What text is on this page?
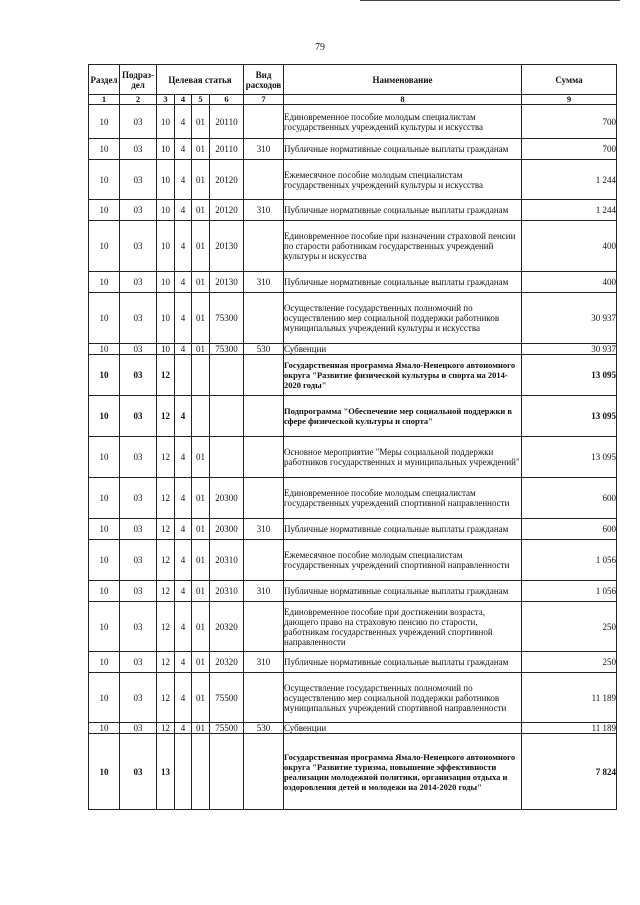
79
Раздел	Подраз-дел	Целевая статья				Вид расходов	Наименование	Сумма
1	2	3	4	5	6	7	8	9
10	03	10	4	01	20110		Единовременное пособие молодым специалистам государственных учреждений культуры и искусства	700
10	03	10	4	01	20110	310	Публичные нормативные социальные выплаты гражданам	700
10	03	10	4	01	20120		Ежемесячное пособие молодым специалистам государственных учреждений культуры и искусства	1 244
10	03	10	4	01	20120	310	Публичные нормативные социальные выплаты гражданам	1 244
10	03	10	4	01	20130		Единовременное пособие при назначении страховой пенсии по старости работникам государственных учреждений культуры и искусства	400
10	03	10	4	01	20130	310	Публичные нормативные социальные выплаты гражданам	400
10	03	10	4	01	75300		Осуществление государственных полномочий по осуществлению мер социальной поддержки работников муниципальных учреждений культуры и искусства	30 937
10	03	10	4	01	75300	530	Субвенции	30 937
10	03	12					Государственная программа Ямало-Ненецкого автономного округа "Развитие физической культуры и спорта на 2014-2020 годы"	13 095
10	03	12	4				Подпрограмма "Обеспечение мер социальной поддержки в сфере физической культуры и спорта"	13 095
10	03	12	4	01			Основное мероприятие "Меры социальной поддержки работников государственных и муниципальных учреждений"	13 095
10	03	12	4	01	20300		Единовременное пособие молодым специалистам государственных учреждений спортивной направленности	600
10	03	12	4	01	20300	310	Публичные нормативные социальные выплаты гражданам	600
10	03	12	4	01	20310		Ежемесячное пособие молодым специалистам государственных учреждений спортивной направленности	1 056
10	03	12	4	01	20310	310	Публичные нормативные социальные выплаты гражданам	1 056
10	03	12	4	01	20320		Единовременное пособие при достижении возраста, дающего право на страховую пенсию по старости, работникам государственных учреждений спортивной направленности	250
10	03	12	4	01	20320	310	Публичные нормативные социальные выплаты гражданам	250
10	03	12	4	01	75500		Осуществление государственных полномочий по осуществлению мер социальной поддержки работников муниципальных учреждений спортивной направленности	11 189
10	03	12	4	01	75500	530	Субвенции	11 189
10	03	13					Государственная программа Ямало-Ненецкого автономного округа "Развитие туризма, повышение эффективности реализации молодежной политики, организация отдыха и оздоровления детей и молодежи на 2014-2020 годы"	7 824
